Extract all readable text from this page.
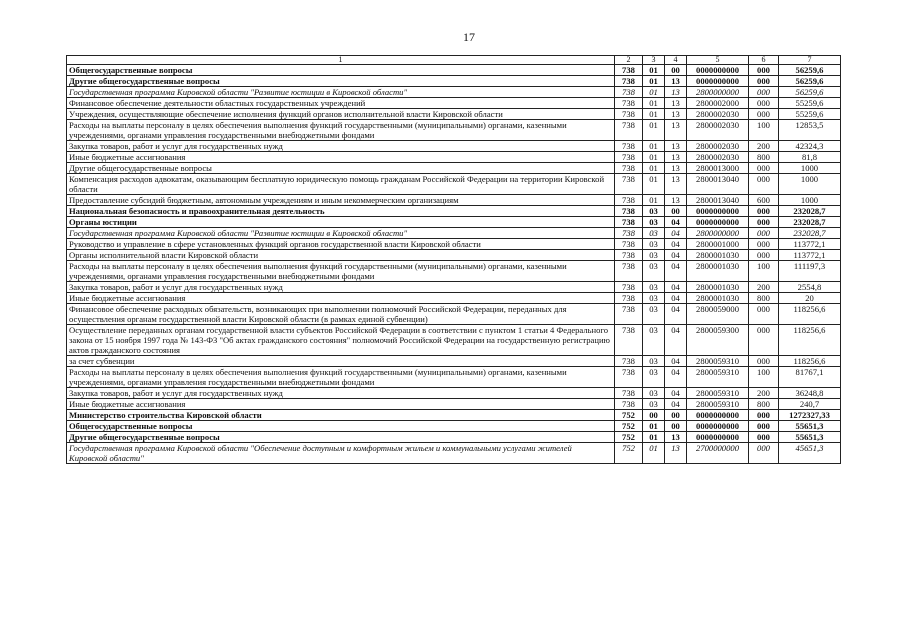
17
1	2	3	4	5	6	7
Общегосударственные вопросы	738	01	00	0000000000	000	56259,6
Другие общегосударственные вопросы	738	01	13	0000000000	000	56259,6
Государственная программа Кировской области "Развитие юстиции в Кировской области"	738	01	13	2800000000	000	56259,6
Финансовое обеспечение деятельности областных государственных учреждений	738	01	13	2800002000	000	55259,6
Учреждения, осуществляющие обеспечение исполнения функций органов исполнительной власти Кировской области	738	01	13	2800002030	000	55259,6
Расходы на выплаты персоналу в целях обеспечения выполнения функций государственными (муниципальными) органами, казенными учреждениями, органами управления государственными внебюджетными фондами	738	01	13	2800002030	100	12853,5
Закупка товаров, работ и услуг для государственных нужд	738	01	13	2800002030	200	42324,3
Иные бюджетные ассигнования	738	01	13	2800002030	800	81,8
Другие общегосударственные вопросы	738	01	13	2800013000	000	1000
Компенсация расходов адвокатам, оказывающим бесплатную юридическую помощь гражданам Российской Федерации на территории Кировской области	738	01	13	2800013040	000	1000
Предоставление субсидий бюджетным, автономным учреждениям и иным некоммерческим организациям	738	01	13	2800013040	600	1000
Национальная безопасность и правоохранительная деятельность	738	03	00	0000000000	000	232028,7
Органы юстиции	738	03	04	0000000000	000	232028,7
Государственная программа Кировской области "Развитие юстиции в Кировской области"	738	03	04	2800000000	000	232028,7
Руководство и управление в сфере установленных функций органов государственной власти Кировской области	738	03	04	2800001000	000	113772,1
Органы исполнительной власти Кировской области	738	03	04	2800001030	000	113772,1
Расходы на выплаты персоналу в целях обеспечения выполнения функций государственными (муниципальными) органами, казенными учреждениями, органами управления государственными внебюджетными фондами	738	03	04	2800001030	100	111197,3
Закупка товаров, работ и услуг для государственных нужд	738	03	04	2800001030	200	2554,8
Иные бюджетные ассигнования	738	03	04	2800001030	800	20
Финансовое обеспечение расходных обязательств, возникающих при выполнении полномочий Российской Федерации, переданных для осуществления органам государственной власти Кировской области (в рамках единой субвенции)	738	03	04	2800059000	000	118256,6
Осуществление переданных органам государственной власти субъектов Российской Федерации в соответствии с пунктом 1 статьи 4 Федерального закона от 15 ноября 1997 года № 143-ФЗ "Об актах гражданского состояния" полномочий Российской Федерации на государственную регистрацию актов гражданского состояния	738	03	04	2800059300	000	118256,6
за счет субвенции	738	03	04	2800059310	000	118256,6
Расходы на выплаты персоналу в целях обеспечения выполнения функций государственными (муниципальными) органами, казенными учреждениями, органами управления государственными внебюджетными фондами	738	03	04	2800059310	100	81767,1
Закупка товаров, работ и услуг для государственных нужд	738	03	04	2800059310	200	36248,8
Иные бюджетные ассигнования	738	03	04	2800059310	800	240,7
Министерство строительства Кировской области	752	00	00	0000000000	000	1272327,33
Общегосударственные вопросы	752	01	00	0000000000	000	55651,3
Другие общегосударственные вопросы	752	01	13	0000000000	000	55651,3
Государственная программа Кировской области "Обеспечение доступным и комфортным жильем и коммунальными услугами жителей Кировской области"	752	01	13	2700000000	000	45651,3
